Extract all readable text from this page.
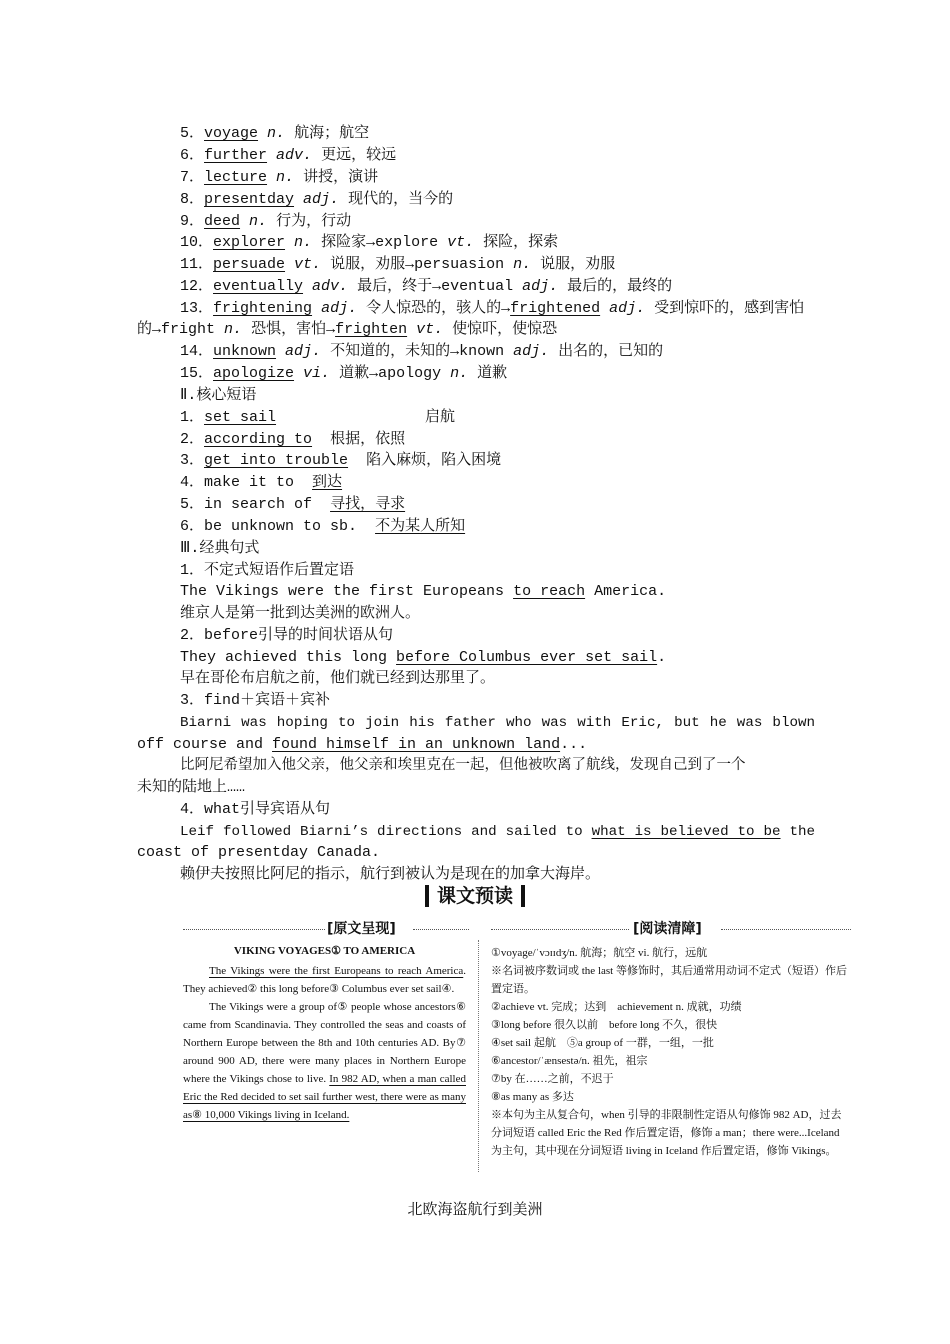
5．voyage n. 航海；航空
6．further adv. 更远，较远
7．lecture n. 讲授，演讲
8．presentday adj. 现代的，当今的
9．deed n. 行为，行动
10．explorer n. 探险家→explore vt. 探险，探索
11．persuade vt. 说服，劝服→persuasion n. 说服，劝服
12．eventually adv. 最后，终于→eventual adj. 最后的，最终的
13．frightening adj. 令人惊恐的，骇人的→frightened adj. 受到惊吓的，感到害怕
的→fright n. 恐惧，害怕→frighten vt. 使惊吓，使惊恐
14．unknown adj. 不知道的，未知的→known adj. 出名的，已知的
15．apologize vi. 道歉→apology n. 道歉
Ⅱ.核心短语
1．set sail	启航
2．according to 根据，依照
3．get into trouble 陷入麻烦，陷入困境
4．make it to 到达
5．in search of 寻找，寻求
6．be unknown to sb. 不为某人所知
Ⅲ.经典句式
1．不定式短语作后置定语
The Vikings were the first Europeans to reach America.
维京人是第一批到达美洲的欧洲人。
2．before引导的时间状语从句
They achieved this long before Columbus ever set sail.
早在哥伦布启航之前，他们就已经到达那里了。
3．find＋宾语＋宾补
Biarni was hoping to join his father who was with Eric, but he was blown
off course and found himself in an unknown land...
比阿尼希望加入他父亲，他父亲和埃里克在一起，但他被吹离了航线，发现自己到了一个
未知的陆地上……
4．what引导宾语从句
Leif followed Biarni’s directions and sailed to what is believed to be the
coast of presentday Canada.
赖伊夫按照比阿尼的指示，航行到被认为是现在的加拿大海岸。
课文预读
[原文呈现]	[阅读清障]

VIKING VOYAGES① TO AMERICA

The Vikings were the first Europeans to reach America. They achieved② this long before③ Columbus ever set sail④.

The Vikings were a group of⑤ people whose ancestors⑥ came from Scandinavia. They controlled the seas and coasts of Northern Europe between the 8th and 10th centuries AD. By⑦ around 900 AD, there were many places in Northern Europe where the Vikings chose to live. In 982 AD, when a man called Eric the Red decided to set sail further west, there were as many as⑧ 10,000 Vikings living in Iceland.

①voyage/ˈvɔɪɪdʒ/n. 航海；航空 vi. 航行，远航
※名词被序数词或 the last 等修饰时，其后通常用动词不定式（短语）作后置定语。
②achieve vt. 完成；达到　achievement n. 成就，功绩
③long before 很久以前　before long 不久，很快
④set sail 起航　⑤a group of 一群，一组，一批
⑥ancestor/ˈænsestə/n. 祖先，祖宗
⑦by 在……之前，不迟于
⑧as many as 多达
※本句为主从复合句，when 引导的非限制性定语从句修饰 982 AD，过去分词短语 called Eric the Red 作后置定语，修饰 a man；there were...Iceland 为主句，其中现在分词短语 living in Iceland 作后置定语，修饰 Vikings。
北欧海盗航行到美洲
